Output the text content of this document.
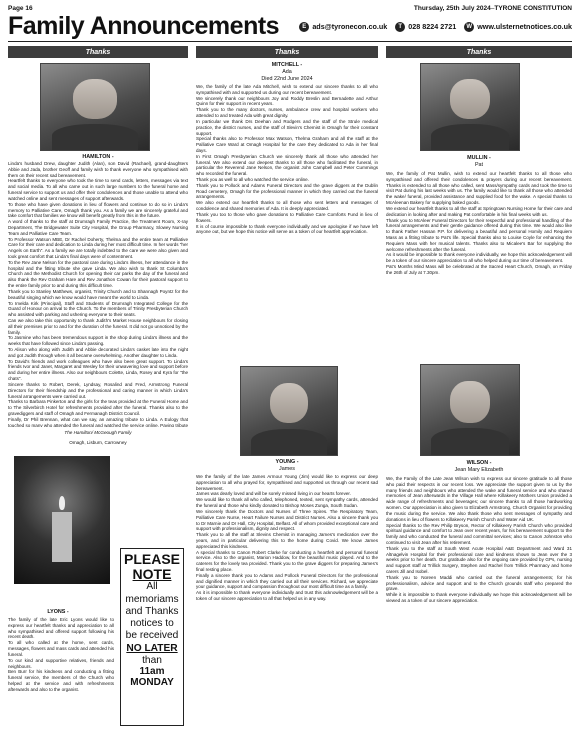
Page 16	Thursday, 25th July 2024–TYRONE CONSTITUTION
Family Announcements	E ads@tyronecon.co.uk	T 028 8224 2721	W www.ulsternetnotices.co.uk
Thanks	Thanks	Thanks
HAMILTON -

Linda's husband Drew, daughter Judith (Alan), son David (Rachael), grand-daughters Abbie and Jada, brother Geoff and family wish to thank everyone who sympathised with them on their recent sad bereavement.

Heartfelt thanks to everyone who took the time to send cards, letters, messages via text and social media. To all who came out in such large numbers to the funeral home and funeral service to support us and offer their condolences and those unable to attend who watched online and sent messages of support afterwards.

To those who have given donations in lieu of flowers and continue to do so in Linda's memory to Palliative Care, Omagh thank you. As a family we are sincerely grateful and take comfort that families we know will benefit greatly from this in the future.

A word of thanks to the staff at Drumragh Family Practice, the Treatment Room, X-ray Department, The Bridgewater Suite City Hospital, the Group Pharmacy, Slowey Nursing Team and Palliative Care Team.

To Professor Watson MBE, Dr Rachel Doherty, Thelma and the entire team at Palliative Care for their care and dedication to Linda during her most difficult time. In her words "her Angels on Earth". As a family we are totally indebted to the care we were also given and took great comfort that Linda's final days were of contentment.

To the Rev Jane Nelson for the pastoral care during Linda's illness, her attendance in the hospital and the fitting tribute she gave Linda. We also wish to thank St Columba's Church and the Methodist Church for opening their car parks the day of the funeral and also thank the Rev Graham Hare and Rev Jonathon Cowan for their pastoral support to the entire family prior to and during this difficult time.

Thank you to Stanley Matthews, organist, Trinity Church and to Shannagh Poyntz for the beautiful singing which we know would have meant the world to Linda.

To Imelda Kirk (Principal), Staff and Students of Drumragh Integrated College for the Guard of Honour on arrival to the Church. To the members of Trinity Presbyterian Church who assisted with parking and ushering everyone to their seats.

Can we also take this opportunity to thank Judith's Market House neighbours for closing all their premises prior to and for the duration of the funeral. It did not go unnoticed by the family.

To Jasmine who has been tremendous support in the shop during Linda's illness and the weeks that have followed since Linda's passing.

To Alison who along with Judith and Abbie decorated Linda's casket late into the night and got Judith through when it all became overwhelming. Another daughter to Linda.

To David's friends and work colleagues who have also been great support. To Linda's friends Ivor and Janet, Margaret and Wesley for their unwavering love and support before and during her entire illness. Also our neighbours Colette, Linda, Rosey and Kyra for "the chats".

Sincere thanks to Robert, Derek, Lyndsay, Rosalind and Fred, Armstrong Funeral Directors for their friendship and the professional and caring manner in which Linda's funeral arrangements were carried out.

Thanks to Barbara Pinkerton and the girls for the teas provided at the Funeral Home and to The Silverbirch Hotel for refreshments provided after the funeral. Thanks also to the gravediggers and staff of Omagh and Fermanagh District Council.

Finally, Dr Phil Brennan, what can we say, an amazing tribute to Linda. A Eulogy that touched so many who attended the funeral and watched the service online. Paying tribute

The Hamilton/ McGeough Family
Omagh, Lisburn, Carrowney
LYONS -

The family of the late Eric Lyons would like to express our heartfelt thanks and appreciation to all who sympathised and offered support following his recent death.

To all who called at the home, sent cards, messages, flowers and mass cards and attended his funeral.

To our kind and supportive relatives, friends and neighbours.

Ben Burr for his kindness and conducting a fitting funeral service, the members of the Church who helped at the service and with refreshments afterwards and also to the organist.

PLEASE
NOTE
All memoriams
and Thanks
notices to
be received
NO LATER
than
11am MONDAY
MITCHELL -
Ada
Died 22nd June 2024

We, the family of the late Ada Mitchell, wish to extend our sincere thanks to all who sympathised with and supported us during our recent bereavement.

We sincerely thank our neighbours Joy and Roddy Breslin and Bernadette and Arthur Quinn for their support in recent years.

Thank you to the many doctors, nurses, ambulance crew and hospital workers who attended to and treated Ada with great dignity.

In particular we thank Drs Deehan and Rodgers and the staff of the Strule medical practice, the district nurses, and the staff of Slevin's Chemist in Omagh for their constant support.

Special thanks also to Professor Max Watson, Thelma Graham and all the staff at the Palliative Care Ward at Omagh Hospital for the care they dedicated to Ada in her final days.

In First Omagh Presbyterian Church we sincerely thank all those who attended her funeral. We also extend our deepest thanks to all those who facilitated the funeral, in particular the Reverend Jane Nelson, the organist John Campbell and Peter Cummings who recorded the funeral.

Thank you as well to all who watched the service online.

Thank you to Pollock and Adams Funeral Directors and the grave diggers at the Dublin Road cemetery, Omagh for the professional manner in which they carried out the funeral arrangements.

We also extend our heartfelt thanks to all those who sent letters and messages of condolence and shared memories of Ada. It is deeply appreciated.

Thank you too to those who gave donations to Palliative Care Comforts Fund in lieu of flowers.

It is of course impossible to thank everyone individually and we apologise if we have left anyone out, but we hope this notice will serve as a token of our heartfelt appreciation.

YOUNG -
James

We the family of the late James Armour Young (Jim) would like to express our deep appreciation to all who prayed for, sympathised and supported us through our recent sad bereavement.

James was dearly loved and will be sorely missed living in our hearts forever.

We would like to thank all who called, telephoned, texted, sent sympathy cards, attended the funeral and those who kindly donated to Bishop Moses Zunga, South Sudan.

We sincerely thank the Doctors and Nurses of Three Spires. The Respiratory Team, Palliative Care Nurse, Heart Failure Nurses and District Nurses. Also a sincere thank you to Dr Marnie and Dr Hall, City Hospital, Belfast. All of whom provided exceptional care and support with professionalism, dignity and respect.

Thank you to all the staff at Slevins Chemist in managing James's medication over the years, and in particular delivering this to the home during Covid. We know James appreciated this kindness.

A special thanks to Canon Robert Clarke for conducting a heartfelt and personal funeral service. Also to the organist, Marion Haddow, for the beautiful music played. And to the caterers for the lovely tea provided. Thank you to the grave diggers for preparing James's final resting place.

Finally a sincere thank you to Adams and Pollock Funeral Directors for the professional and dignified manner in which they carried out all their services. Richard, we appreciate your guidance, support and compassion throughout our most difficult time as a family.

As it is impossible to thank everyone individually and trust this acknowledgement will be a token of our sincere appreciation to all that helped us in any way.

MULLIN -
Pat

We, the family of Pat Mullin, wish to extend our heartfelt thanks to all those who sympathised and offered their condolences & prayers during our recent bereavement. Thanks is extended to all those who called, sent Mass/sympathy cards and took the time to visit Pat during his last weeks with us. The family would like to thank all those who attended the wake/ funeral, provided assistance and supplied food for the wake. A special thanks to McAleenan Bakery for supplying baked goods.

We extend our heartfelt thanks to all the staff at Springtown Nursing Home for their care and dedication in looking after and making Pat comfortable in his final weeks with us.

Thank you to McAleer Funeral Directors for their respectful and professional handling of the funeral arrangements and their gentle guidance offered during this time. We would also like to thank Father Hassan P.P. for delivering a beautiful and personal Homily and Requiem Mass as a fitting tribute to Pat's life. Special thanks also to Louise Coyle for enhancing the Requiem Mass with her musical talents. Thanks also to Micalee's Bar for supplying the welcome refreshments after the funeral.

As it would be impossible to thank everyone individually, we hope this acknowledgement will be a token of our sincere appreciation to all who helped during our time of bereavement.

Pat's Months Mind Mass will be celebrated at the Sacred Heart Church, Omagh, on Friday the 26th of July at 7.30pm.

WILSON -
Jean Mary Elizabeth

We, the Family of the Late Jean Wilson wish to express our sincere gratitude to all those who paid their respects in our recent loss. We appreciate the support given to us by the many friends and neighbours who attended the wake and funeral service and who shared memories of Jean afterwards in the Village Hall where Killakeery Mothers Union provided a wide range of refreshments and beverages; our sincere thanks to all those hardworking women. Our appreciation is also given to Elizabeth Armstrong, Church Organist for providing the music during the service. We also thank those who sent messages of sympathy and donations in lieu of flowers to Killakeery Parish Church and Water Aid UK.

Special thanks to the Rev Philip Bryson, Rector of Killakeery Parish Church who provided spiritual guidance and comfort to Jean over recent years, for his bereavement support to the family and who conducted the funeral and committal services; also to Canon Johnston who continued to visit Jean after his retirement.

Thank you to the staff at South West Acute Hospital A&E Department and Ward 31 Altnagelvin Hospital for their professional care and kindness shown to Jean over the 3 weeks prior to her death. Our gratitude also for the ongoing care provided by GPs, nursing and support staff at Trillick Surgery, Stephen and Rachel from Trillick Pharmacy and home carers Jill and Isobel.

Thank you to Noreen Maddi who carried out the funeral arrangements; for his professionalism, advice and support and to the Church grounds staff who prepared the grave.

While it is impossible to thank everyone individually we hope this acknowledgement will be viewed as a token of our sincere appreciation.
